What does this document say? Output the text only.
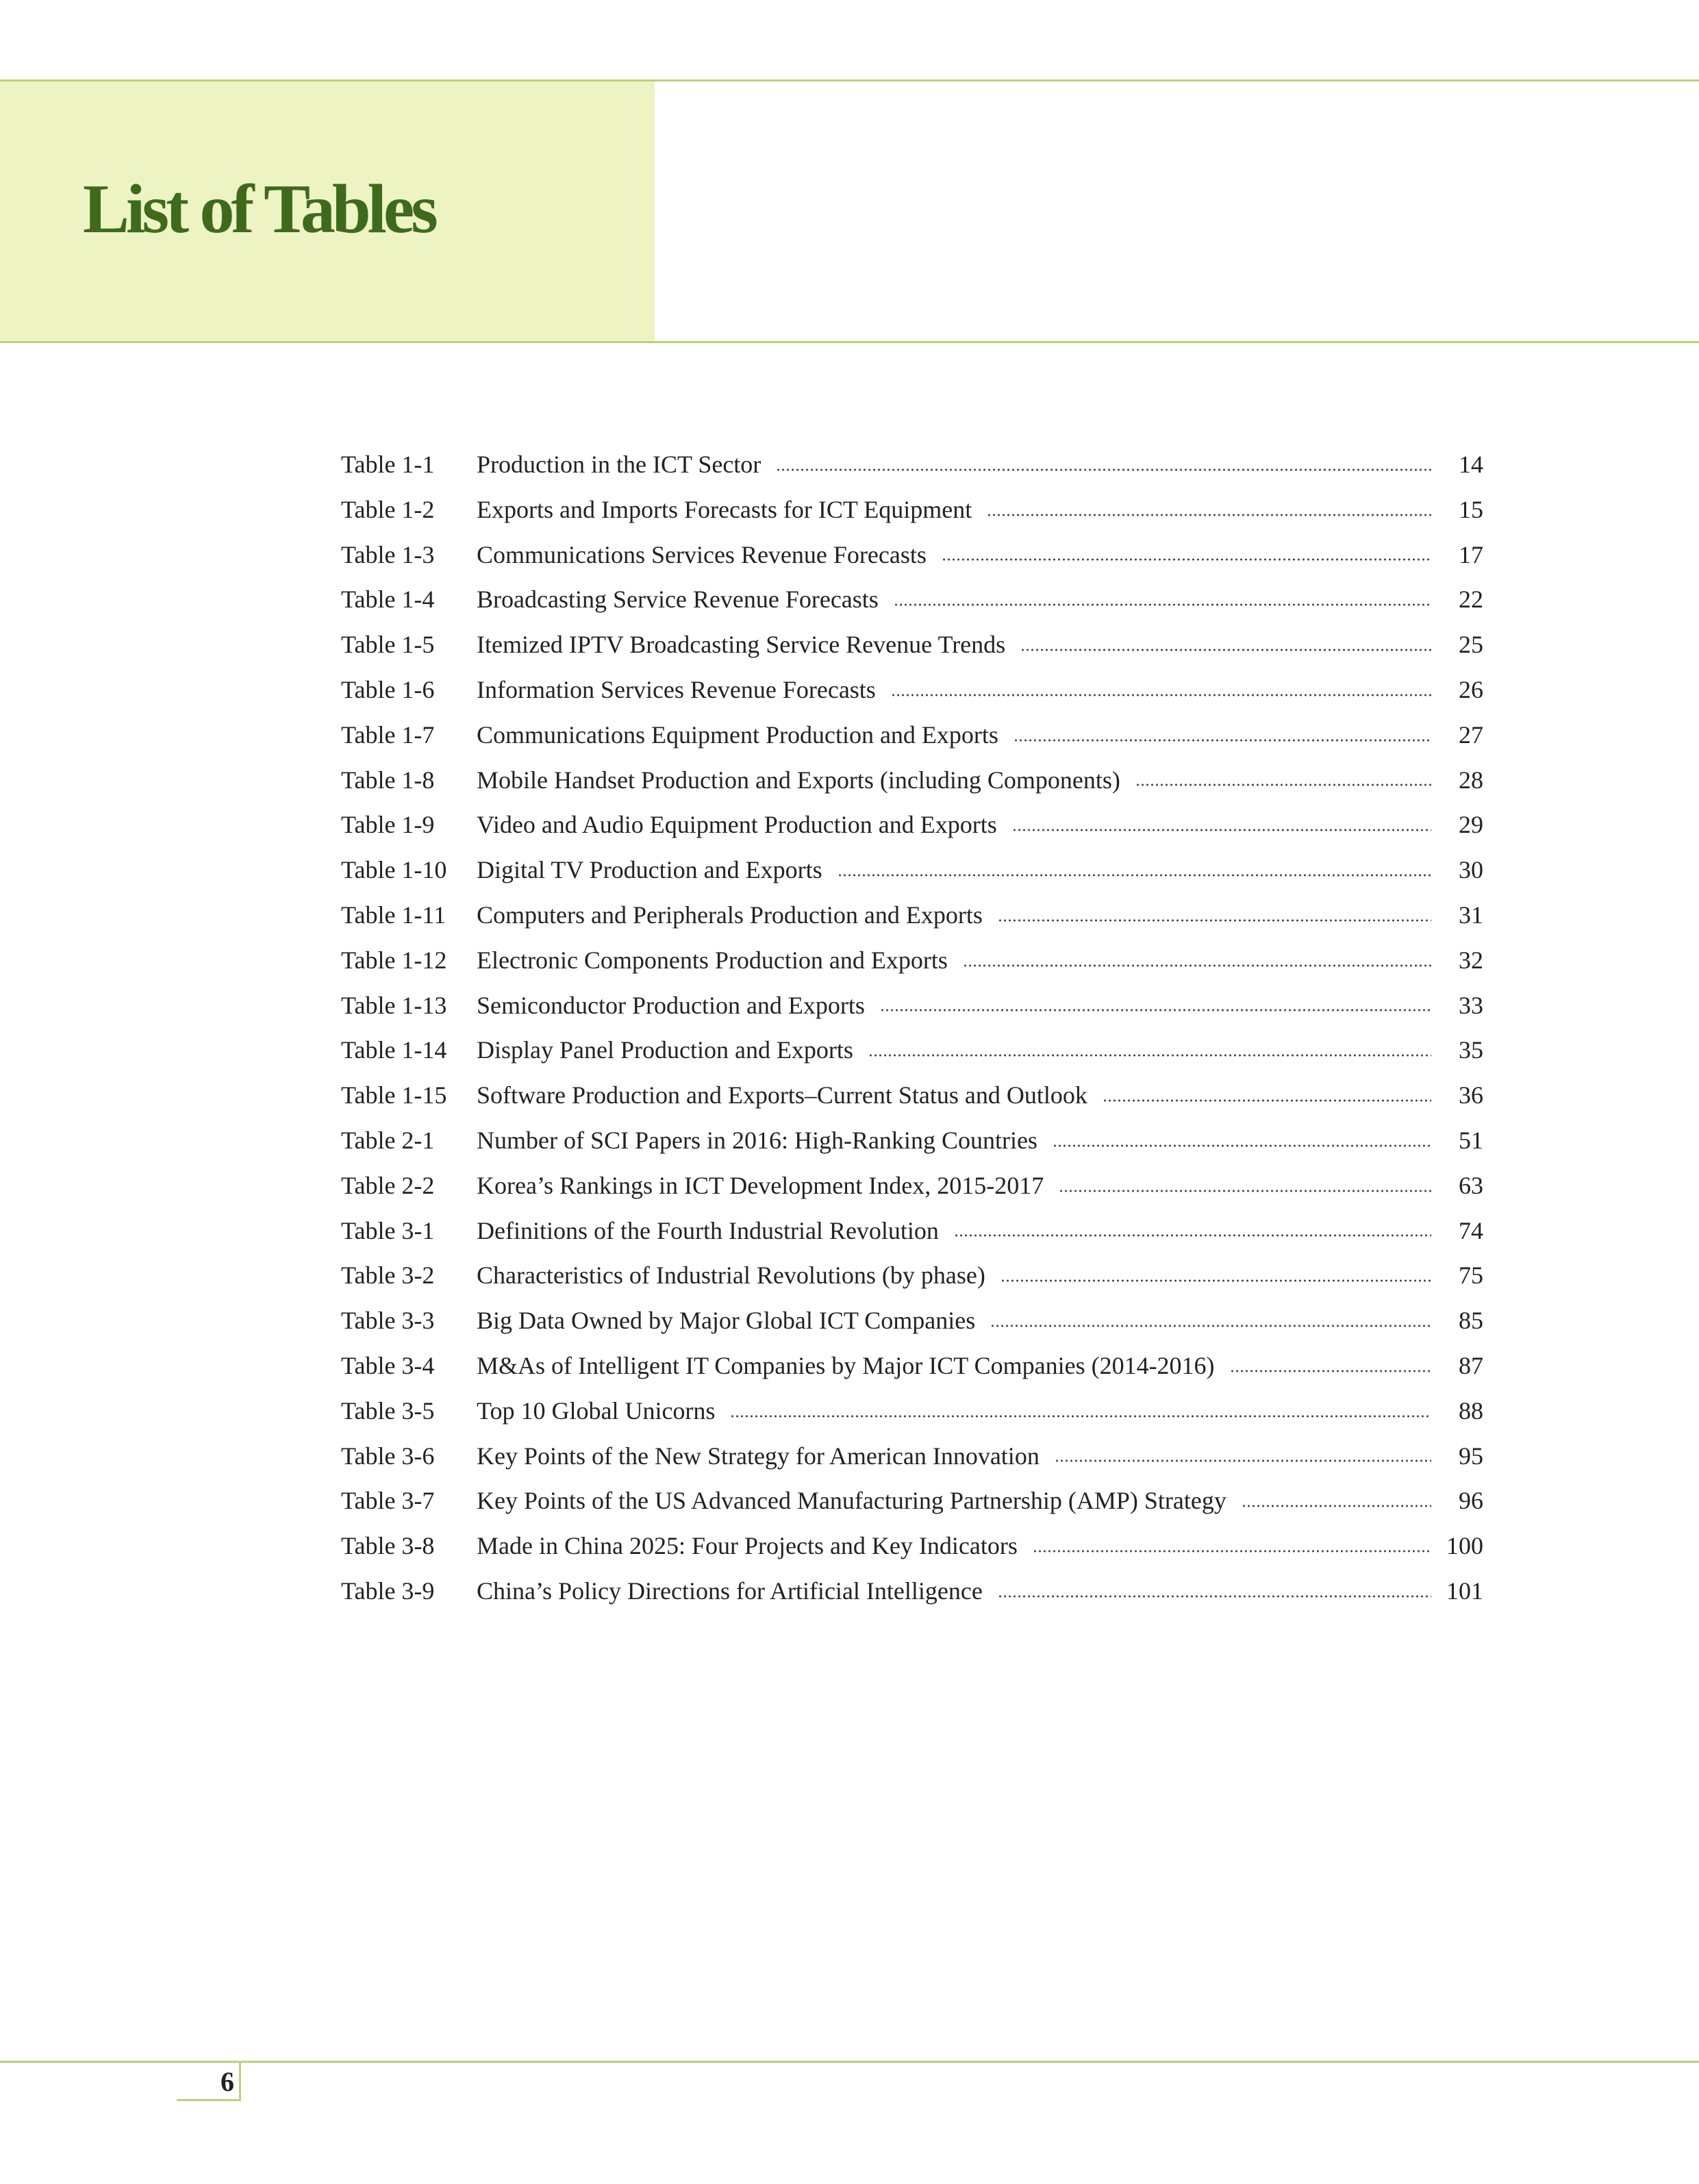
List of Tables
Table 1-1	Production in the ICT Sector	14
Table 1-2	Exports and Imports Forecasts for ICT Equipment	15
Table 1-3	Communications Services Revenue Forecasts	17
Table 1-4	Broadcasting Service Revenue Forecasts	22
Table 1-5	Itemized IPTV Broadcasting Service Revenue Trends	25
Table 1-6	Information Services Revenue Forecasts	26
Table 1-7	Communications Equipment Production and Exports	27
Table 1-8	Mobile Handset Production and Exports (including Components)	28
Table 1-9	Video and Audio Equipment Production and Exports	29
Table 1-10	Digital TV Production and Exports	30
Table 1-11	Computers and Peripherals Production and Exports	31
Table 1-12	Electronic Components Production and Exports	32
Table 1-13	Semiconductor Production and Exports	33
Table 1-14	Display Panel Production and Exports	35
Table 1-15	Software Production and Exports–Current Status and Outlook	36
Table 2-1	Number of SCI Papers in 2016: High-Ranking Countries	51
Table 2-2	Korea’s Rankings in ICT Development Index, 2015-2017	63
Table 3-1	Definitions of the Fourth Industrial Revolution	74
Table 3-2	Characteristics of Industrial Revolutions (by phase)	75
Table 3-3	Big Data Owned by Major Global ICT Companies	85
Table 3-4	M&As of Intelligent IT Companies by Major ICT Companies (2014-2016)	87
Table 3-5	Top 10 Global Unicorns	88
Table 3-6	Key Points of the New Strategy for American Innovation	95
Table 3-7	Key Points of the US Advanced Manufacturing Partnership (AMP) Strategy	96
Table 3-8	Made in China 2025: Four Projects and Key Indicators	100
Table 3-9	China’s Policy Directions for Artificial Intelligence	101
6
